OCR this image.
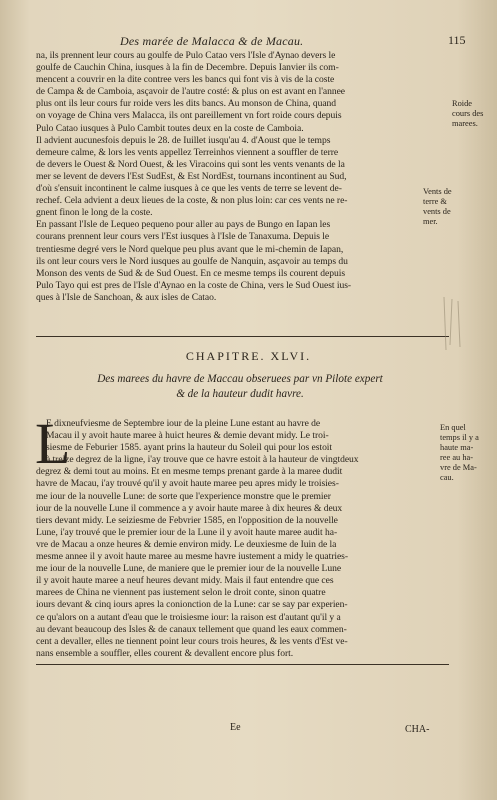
Des marée de Malacca & de Macau.	115
na, ils prennent leur cours au goulfe de Pulo Catao vers l'Isle d'Aynao devers le
goulfe de Cauchin China, iusques à la fin de Decembre. Depuis Ianvier ils com-
mencent a couvrir en la dite contree vers les bancs qui font vis à vis de la coste
de Campa & de Camboia, asçavoir de l'autre costé: & plus on est avant en l'annee
plus ont ils leur cours fur roide vers les dits bancs. Au monson de China, quand
on voyage de China vers Malacca, ils ont pareillement vn fort roide cours depuis
Pulo Catao iusques à Pulo Cambit toutes deux en la coste de Camboia.
Il advient aucunesfois depuis le 28. de Iuillet iusqu'au 4. d'Aoust que le temps
demeure calme, & lors les vents appellez Terreinhos viennent a souffler de terre
de devers le Ouest & Nord Ouest, & les Viracoins qui sont les vents venants de la
mer se levent de devers l'Est SudEst, & Est NordEst, tournans incontinent au Sud,
d'où s'ensuit incontinent le calme iusques à ce que les vents de terre se levent de-
rechef. Cela advient a deux lieues de la coste, & non plus loin: car ces vents ne re-
gnent finon le long de la coste.
En passant l'Isle de Lequeo pequeno pour aller au pays de Bungo en Iapan les
courans prennent leur cours vers l'Est iusques à l'Isle de Tanaxuma. Depuis le
trentiesme degré vers le Nord quelque peu plus avant que le mi-chemin de Iapan,
ils ont leur cours vers le Nord iusques au goulfe de Nanquin, asçavoir au temps du
Monson des vents de Sud & de Sud Ouest. En ce mesme temps ils courent depuis
Pulo Tayo qui est pres de l'Isle d'Aynao en la coste de China, vers le Sud Ouest ius-
ques à l'Isle de Sanchoan, & aux isles de Catao.
Roide
cours des
marees.
Vents de
terre &
vents de
mer.
CHAPITRE. XLVI.
Des marees du havre de Maccau obseruees par vn Pilote expert
& de la hauteur dudit havre.
L
E dixneufviesme de Septembre iour de la pleine Lune estant au havre de
Macau il y avoit haute maree à huict heures & demie devant midy. Le troi-
siesme de Feburier 1585. ayant prins la hauteur du Soleil qui pour los estoit
à treize degrez de la ligne, i'ay trouve que ce havre estoit à la hauteur de vingtdeux
degrez & demi tout au moins. Et en mesme temps prenant garde à la maree dudit
havre de Macau, i'ay trouvé qu'il y avoit haute maree peu apres midy le troisies-
me iour de la nouvelle Lune: de sorte que l'experience monstre que le premier
iour de la nouvelle Lune il commence a y avoir haute maree à dix heures & deux
tiers devant midy. Le seiziesme de Febvrier 1585, en l'opposition de la nouvelle
Lune, i'ay trouvé que le premier iour de la Lune il y avoit haute maree audit ha-
vre de Macau a onze heures & demie environ midy. Le deuxiesme de Iuin de la
mesme annee il y avoit haute maree au mesme havre iustement a midy le quatries-
me iour de la nouvelle Lune, de maniere que le premier iour de la nouvelle Lune
il y avoit haute maree a neuf heures devant midy. Mais il faut entendre que ces
marees de China ne viennent pas iustement selon le droit conte, sinon quatre
iours devant & cinq iours apres la conionction de la Lune: car se say par experien-
ce qu'alors on a autant d'eau que le troisiesme iour: la raison est d'autant qu'il y a
au devant beaucoup des Isles & de canaux tellement que quand les eaux commen-
cent a devaller, elles ne tiennent point leur cours trois heures, & les vents d'Est ve-
nans ensemble a souffler, elles courent & devallent encore plus fort.
En quel
temps il y a
haute ma-
ree au ha-
vre de Ma-
cau.
Ee	CHA-
